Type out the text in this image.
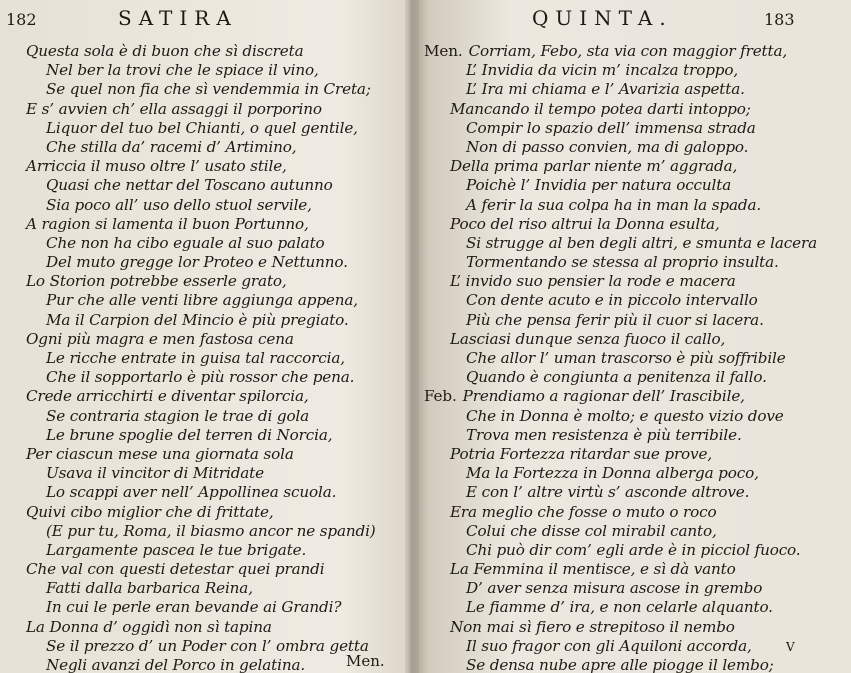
182	SATIRA
Questa sola è di buon che sì discreta
Nel ber la trovi che le spiace il vino,
Se quel non fia che sì vendemmia in Creta;
E s’ avvien ch’ ella assaggi il porporino
Liquor del tuo bel Chianti, o quel gentile,
Che stilla da’ racemi d’ Artimino,
Arriccia il muso oltre l’ usato stile,
Quasi che nettar del Toscano autunno
Sia poco all’ uso dello stuol servile,
A ragion si lamenta il buon Portunno,
Che non ha cibo eguale al suo palato
Del muto gregge lor Proteo e Nettunno.
Lo Storion potrebbe esserle grato,
Pur che alle venti libre aggiunga appena,
Ma il Carpion del Mincio è più pregiato.
Ogni più magra e men fastosa cena
Le ricche entrate in guisa tal raccorcia,
Che il sopportarlo è più rossor che pena.
Crede arricchirti e diventar spilorcia,
Se contraria stagion le trae di gola
Le brune spoglie del terren di Norcia,
Per ciascun mese una giornata sola
Usava il vincitor di Mitridate
Lo scappi aver nell’ Appollinea scuola.
Quivi cibo miglior che di frittate,
(E pur tu, Roma, il biasmo ancor ne spandi)
Largamente pascea le tue brigate.
Che val con questi detestar quei prandi
Fatti dalla barbarica Reina,
In cui le perle eran bevande ai Grandi?
La Donna d’ oggidì non sì tapina
Se il prezzo d’ un Poder con l’ ombra getta
Negli avanzi del Porco in gelatina.	Men.
QUINTA.	183
Men. Corriam, Febo, sta via con maggior fretta,
L’ Invidia da vicin m’ incalza troppo,
L’ Ira mi chiama e l’ Avarizia aspetta.
Mancando il tempo potea darti intoppo;
Compir lo spazio dell’ immensa strada
Non di passo convien, ma di galoppo.
Della prima parlar niente m’ aggrada,
Poichè l’ Invidia per natura occulta
A ferir la sua colpa ha in man la spada.
Poco del riso altrui la Donna esulta,
Si strugge al ben degli altri, e smunta e lacera
Tormentando se stessa al proprio insulta.
L’ invido suo pensier la rode e macera
Con dente acuto e in piccolo intervallo
Più che pensa ferir più il cuor si lacera.
Lasciasi dunque senza fuoco il callo,
Che allor l’ uman trascorso è più soffribile
Quando è congiunta a penitenza il fallo.
Feb. Prendiamo a ragionar dell’ Irascibile,
Che in Donna è molto; e questo vizio dove
Trova men resistenza è più terribile.
Potria Fortezza ritardar sue prove,
Ma la Fortezza in Donna alberga poco,
E con l’ altre virtù s’ asconde altrove.
Era meglio che fosse o muto o roco
Colui che disse col mirabil canto,
Chi può dir com’ egli arde è in picciol fuoco.
La Femmina il mentisce, e sì dà vanto
D’ aver senza misura ascose in grembo
Le fiamme d’ ira, e non celarle alquanto.
Non mai sì fiero e strepitoso il nembo
Il suo fragor con gli Aquiloni accorda,
Se densa nube apre alle piogge il lembo;
V
